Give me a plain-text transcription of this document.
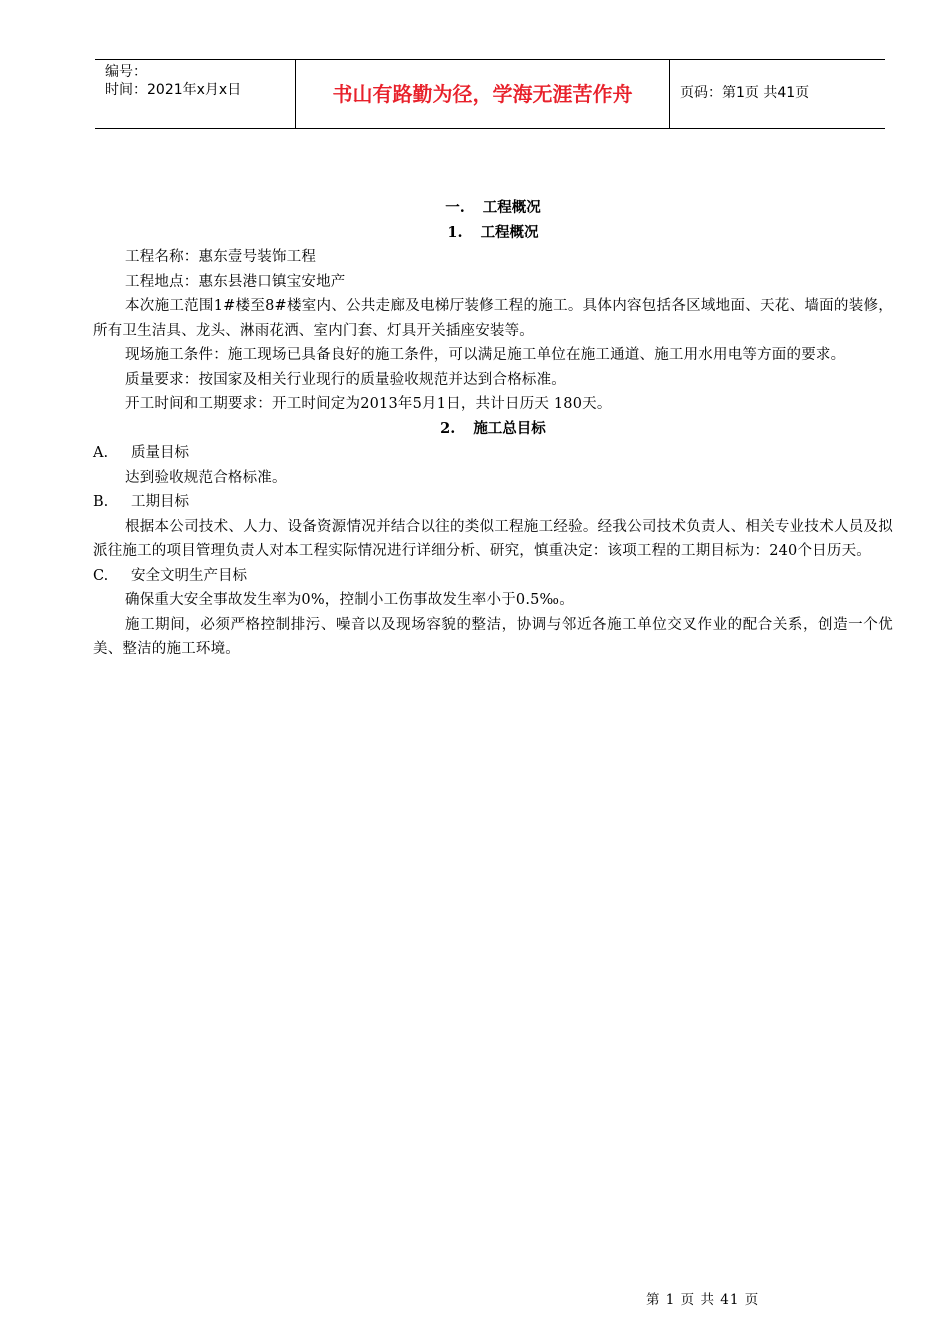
编号：
时间：2021年x月x日	书山有路勤为径，学海无涯苦作舟	页码：第1页 共41页
一. 工程概况
1. 工程概况

工程名称：惠东壹号装饰工程

工程地点：惠东县港口镇宝安地产

本次施工范围1#楼至8#楼室内、公共走廊及电梯厅装修工程的施工。具体内容包括各区域地面、天花、墙面的装修，所有卫生洁具、龙头、淋雨花洒、室内门套、灯具开关插座安装等。

现场施工条件：施工现场已具备良好的施工条件，可以满足施工单位在施工通道、施工用水用电等方面的要求。

质量要求：按国家及相关行业现行的质量验收规范并达到合格标准。

开工时间和工期要求：开工时间定为2013年5月1日，共计日历天 180天。

2. 施工总目标

A. 质量目标

达到验收规范合格标准。

B. 工期目标

根据本公司技术、人力、设备资源情况并结合以往的类似工程施工经验。经我公司技术负责人、相关专业技术人员及拟派往施工的项目管理负责人对本工程实际情况进行详细分析、研究，慎重决定：该项工程的工期目标为：240个日历天。

C. 安全文明生产目标

确保重大安全事故发生率为0%，控制小工伤事故发生率小于0.5‰。

施工期间，必须严格控制排污、噪音以及现场容貌的整洁，协调与邻近各施工单位交叉作业的配合关系，创造一个优美、整洁的施工环境。

第 1 页 共 41 页
